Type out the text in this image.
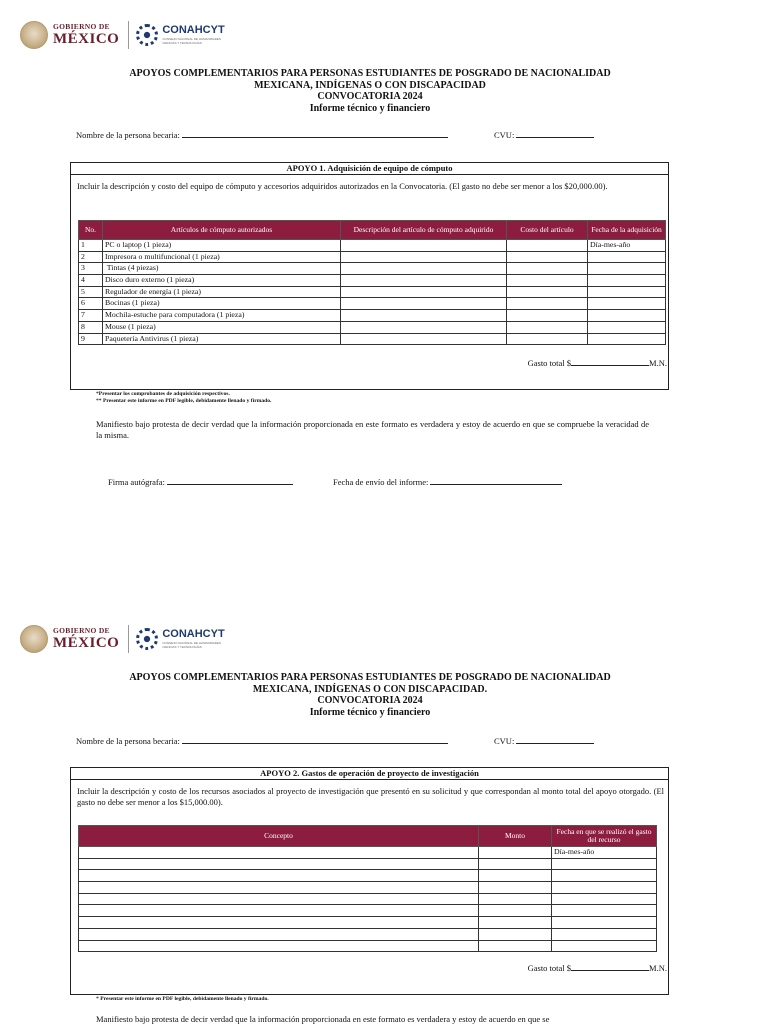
GOBIERNO DE
MÉXICO
CONAHCYT
CONSEJO NACIONAL DE HUMANIDADES CIENCIAS Y TECNOLOGÍAS
APOYOS COMPLEMENTARIOS PARA PERSONAS ESTUDIANTES DE POSGRADO DE NACIONALIDAD
MEXICANA, INDÍGENAS O CON DISCAPACIDAD
CONVOCATORIA 2024
Informe técnico y financiero
Nombre de la persona becaria:	CVU:
APOYO 1. Adquisición de equipo de cómputo
Incluir la descripción y costo del equipo de cómputo y accesorios adquiridos autorizados en la Convocatoria. (El gasto no debe ser menor a los $20,000.00).
No.	Artículos de cómputo autorizados	Descripción del artículo de cómputo adquirido	Costo del artículo	Fecha de la adquisición
1	PC o laptop (1 pieza)			Día-mes-año
2	Impresora o multifuncional (1 pieza)			
3	Tintas (4 piezas)			
4	Disco duro externo (1 pieza)			
5	Regulador de energía (1 pieza)			
6	Bocinas (1 pieza)			
7	Mochila-estuche para computadora (1 pieza)			
8	Mouse (1 pieza)			
9	Paquetería Antivirus (1 pieza)			
Gasto total $	M.N.
*Presentar los comprobantes de adquisición respectivos.
** Presentar este informe en PDF legible, debidamente llenado y firmado.
Manifiesto bajo protesta de decir verdad que la información proporcionada en este formato es verdadera y estoy de acuerdo en que se compruebe la veracidad de la misma.
Firma autógrafa:	Fecha de envío del informe:
GOBIERNO DE
MÉXICO
CONAHCYT
CONSEJO NACIONAL DE HUMANIDADES CIENCIAS Y TECNOLOGÍAS
APOYOS COMPLEMENTARIOS PARA PERSONAS ESTUDIANTES DE POSGRADO DE NACIONALIDAD
MEXICANA, INDÍGENAS O CON DISCAPACIDAD.
CONVOCATORIA 2024
Informe técnico y financiero
Nombre de la persona becaria:	CVU:
APOYO 2. Gastos de operación de proyecto de investigación
Incluir la descripción y costo de los recursos asociados al proyecto de investigación que presentó en su solicitud y que correspondan al monto total del apoyo otorgado. (El gasto no debe ser menor a los $15,000.00).
Concepto	Monto	Fecha en que se realizó el gasto del recurso
		Día-mes-año

Gasto total $	M.N.
* Presentar este informe en PDF legible, debidamente llenado y firmado.
Manifiesto bajo protesta de decir verdad que la información proporcionada en este formato es verdadera y estoy de acuerdo en que se
